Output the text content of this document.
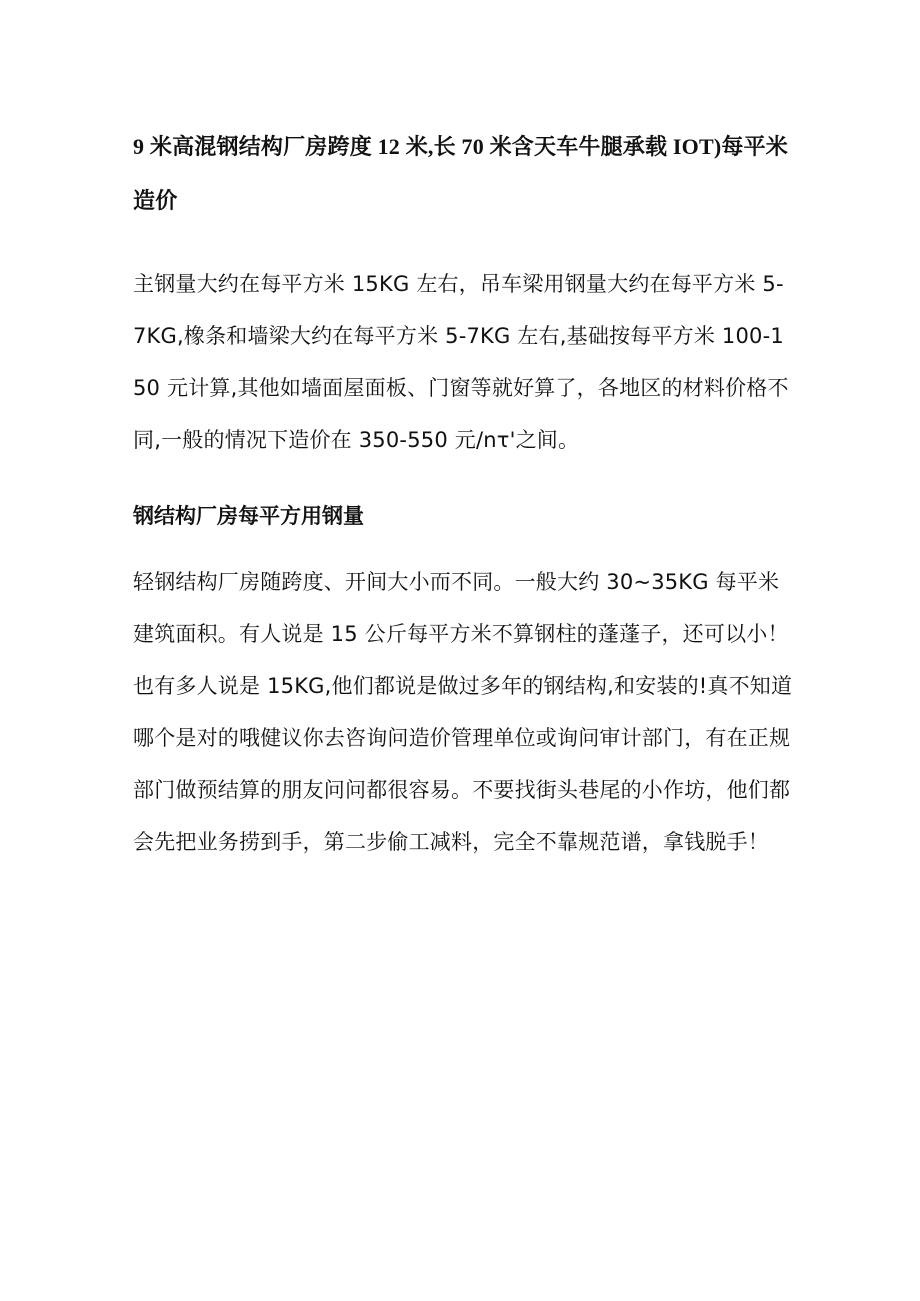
9 米高混钢结构厂房跨度 12 米,长 70 米含天车牛腿承载 IOT)每平米造价

主钢量大约在每平方米 15KG 左右，吊车梁用钢量大约在每平方米 5-7KG,橡条和墙梁大约在每平方米 5-7KG 左右,基础按每平方米 100-150 元计算,其他如墙面屋面板、门窗等就好算了，各地区的材料价格不同,一般的情况下造价在 350-550 元/nτ'之间。

钢结构厂房每平方用钢量

轻钢结构厂房随跨度、开间大小而不同。一般大约 30~35KG 每平米建筑面积。有人说是 15 公斤每平方米不算钢柱的蓬蓬子，还可以小！也有多人说是 15KG,他们都说是做过多年的钢结构,和安装的!真不知道哪个是对的哦健议你去咨询问造价管理单位或询问审计部门，有在正规部门做预结算的朋友问问都很容易。不要找街头巷尾的小作坊，他们都会先把业务捞到手，第二步偷工减料，完全不靠规范谱，拿钱脱手！
